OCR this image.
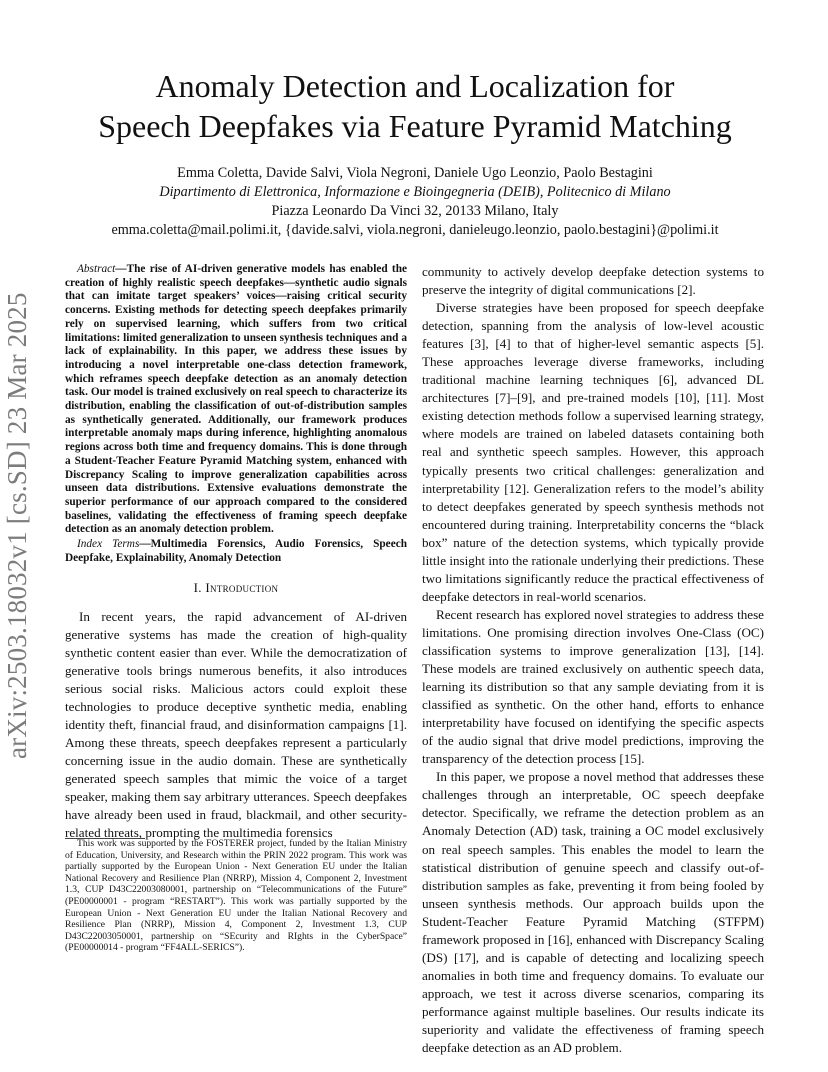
arXiv:2503.18032v1 [cs.SD] 23 Mar 2025
Anomaly Detection and Localization for
Speech Deepfakes via Feature Pyramid Matching
Emma Coletta, Davide Salvi, Viola Negroni, Daniele Ugo Leonzio, Paolo Bestagini
Dipartimento di Elettronica, Informazione e Bioingegneria (DEIB), Politecnico di Milano
Piazza Leonardo Da Vinci 32, 20133 Milano, Italy
emma.coletta@mail.polimi.it, {davide.salvi, viola.negroni, danieleugo.leonzio, paolo.bestagini}@polimi.it
Abstract—The rise of AI-driven generative models has enabled the creation of highly realistic speech deepfakes—synthetic audio signals that can imitate target speakers’ voices—raising critical security concerns. Existing methods for detecting speech deepfakes primarily rely on supervised learning, which suffers from two critical limitations: limited generalization to unseen synthesis techniques and a lack of explainability. In this paper, we address these issues by introducing a novel interpretable one-class detection framework, which reframes speech deepfake detection as an anomaly detection task. Our model is trained exclusively on real speech to characterize its distribution, enabling the classification of out-of-distribution samples as synthetically generated. Additionally, our framework produces interpretable anomaly maps during inference, highlighting anomalous regions across both time and frequency domains. This is done through a Student-Teacher Feature Pyramid Matching system, enhanced with Discrepancy Scaling to improve generalization capabilities across unseen data distributions. Extensive evaluations demonstrate the superior performance of our approach compared to the considered baselines, validating the effectiveness of framing speech deepfake detection as an anomaly detection problem.
Index Terms—Multimedia Forensics, Audio Forensics, Speech Deepfake, Explainability, Anomaly Detection
I. Introduction

In recent years, the rapid advancement of AI-driven generative systems has made the creation of high-quality synthetic content easier than ever. While the democratization of generative tools brings numerous benefits, it also introduces serious social risks. Malicious actors could exploit these technologies to produce deceptive synthetic media, enabling identity theft, financial fraud, and disinformation campaigns [1]. Among these threats, speech deepfakes represent a particularly concerning issue in the audio domain. These are synthetically generated speech samples that mimic the voice of a target speaker, making them say arbitrary utterances. Speech deepfakes have already been used in fraud, blackmail, and other security-related threats, prompting the multimedia forensics

This work was supported by the FOSTERER project, funded by the Italian Ministry of Education, University, and Research within the PRIN 2022 program. This work was partially supported by the European Union - Next Generation EU under the Italian National Recovery and Resilience Plan (NRRP), Mission 4, Component 2, Investment 1.3, CUP D43C22003080001, partnership on “Telecommunications of the Future” (PE00000001 - program “RESTART”). This work was partially supported by the European Union - Next Generation EU under the Italian National Recovery and Resilience Plan (NRRP), Mission 4, Component 2, Investment 1.3, CUP D43C22003050001, partnership on “SEcurity and RIghts in the CyberSpace” (PE00000014 - program “FF4ALL-SERICS”).

community to actively develop deepfake detection systems to preserve the integrity of digital communications [2].

Diverse strategies have been proposed for speech deepfake detection, spanning from the analysis of low-level acoustic features [3], [4] to that of higher-level semantic aspects [5]. These approaches leverage diverse frameworks, including traditional machine learning techniques [6], advanced DL architectures [7]–[9], and pre-trained models [10], [11]. Most existing detection methods follow a supervised learning strategy, where models are trained on labeled datasets containing both real and synthetic speech samples. However, this approach typically presents two critical challenges: generalization and interpretability [12]. Generalization refers to the model’s ability to detect deepfakes generated by speech synthesis methods not encountered during training. Interpretability concerns the “black box” nature of the detection systems, which typically provide little insight into the rationale underlying their predictions. These two limitations significantly reduce the practical effectiveness of deepfake detectors in real-world scenarios.

Recent research has explored novel strategies to address these limitations. One promising direction involves One-Class (OC) classification systems to improve generalization [13], [14]. These models are trained exclusively on authentic speech data, learning its distribution so that any sample deviating from it is classified as synthetic. On the other hand, efforts to enhance interpretability have focused on identifying the specific aspects of the audio signal that drive model predictions, improving the transparency of the detection process [15].

In this paper, we propose a novel method that addresses these challenges through an interpretable, OC speech deepfake detector. Specifically, we reframe the detection problem as an Anomaly Detection (AD) task, training a OC model exclusively on real speech samples. This enables the model to learn the statistical distribution of genuine speech and classify out-of-distribution samples as fake, preventing it from being fooled by unseen synthesis methods. Our approach builds upon the Student-Teacher Feature Pyramid Matching (STFPM) framework proposed in [16], enhanced with Discrepancy Scaling (DS) [17], and is capable of detecting and localizing speech anomalies in both time and frequency domains. To evaluate our approach, we test it across diverse scenarios, comparing its performance against multiple baselines. Our results indicate its superiority and validate the effectiveness of framing speech deepfake detection as an AD problem.
